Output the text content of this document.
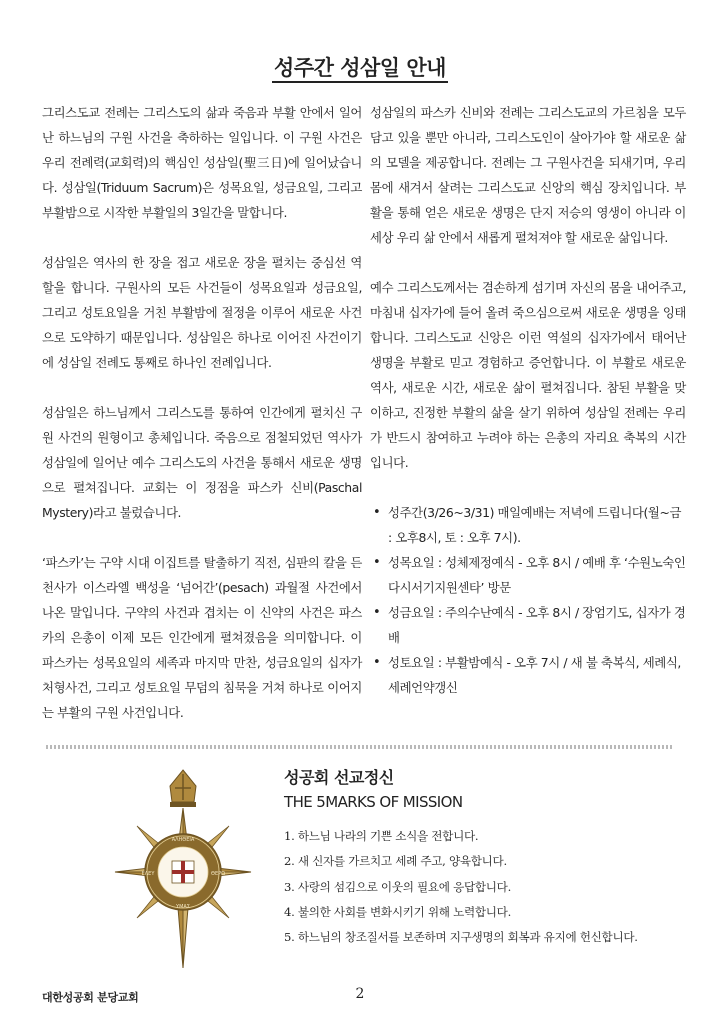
성주간 성삼일 안내

그리스도교 전례는 그리스도의 삶과 죽음과 부활 안에서 일어난 하느님의 구원 사건을 축하하는 일입니다. 이 구원 사건은 우리 전례력(교회력)의 핵심인 성삼일(聖三日)에 일어났습니다. 성삼일(Triduum Sacrum)은 성목요일, 성금요일, 그리고 부활밤으로 시작한 부활일의 3일간을 말합니다.

성삼일은 역사의 한 장을 접고 새로운 장을 펼치는 중심선 역할을 합니다. 구원사의 모든 사건들이 성목요일과 성금요일, 그리고 성토요일을 거친 부활밤에 절정을 이루어 새로운 사건으로 도약하기 때문입니다. 성삼일은 하나로 이어진 사건이기에 성삼일 전례도 통째로 하나인 전례입니다.

성삼일은 하느님께서 그리스도를 통하여 인간에게 펼치신 구원 사건의 원형이고 총체입니다. 죽음으로 점철되었던 역사가 성삼일에 일어난 예수 그리스도의 사건을 통해서 새로운 생명으로 펼쳐집니다. 교회는 이 정점을 파스카 신비(Paschal Mystery)라고 불렀습니다.

‘파스카’는 구약 시대 이집트를 탈출하기 직전, 심판의 칼을 든 천사가 이스라엘 백성을 ‘넘어간’(pesach) 과월절 사건에서 나온 말입니다. 구약의 사건과 겹치는 이 신약의 사건은 파스카의 은총이 이제 모든 인간에게 펼쳐졌음을 의미합니다. 이 파스카는 성목요일의 세족과 마지막 만찬, 성금요일의 십자가 처형사건, 그리고 성토요일 무덤의 침묵을 거쳐 하나로 이어지는 부활의 구원 사건입니다.

성삼일의 파스카 신비와 전례는 그리스도교의 가르침을 모두 담고 있을 뿐만 아니라, 그리스도인이 살아가야 할 새로운 삶의 모델을 제공합니다. 전례는 그 구원사건을 되새기며, 우리 몸에 새겨서 살려는 그리스도교 신앙의 핵심 장치입니다. 부활을 통해 얻은 새로운 생명은 단지 저승의 영생이 아니라 이 세상 우리 삶 안에서 새롭게 펼쳐져야 할 새로운 삶입니다.

예수 그리스도께서는 겸손하게 섬기며 자신의 몸을 내어주고, 마침내 십자가에 들어 올려 죽으심으로써 새로운 생명을 잉태합니다. 그리스도교 신앙은 이런 역설의 십자가에서 태어난 생명을 부활로 믿고 경험하고 증언합니다. 이 부활로 새로운 역사, 새로운 시간, 새로운 삶이 펼쳐집니다. 참된 부활을 맞이하고, 진정한 부활의 삶을 살기 위하여 성삼일 전례는 우리가 반드시 참여하고 누려야 하는 은총의 자리요 축복의 시간입니다.

• 성주간(3/26~3/31) 매일예배는 저녁에 드립니다(월~금 : 오후8시, 토 : 오후 7시).
• 성목요일 : 성체제정예식 - 오후 8시 / 예배 후 ‘수원노숙인다시서기지원센타’ 방문
• 성금요일 : 주의수난예식 - 오후 8시 / 장엄기도, 십자가 경배
• 성토요일 : 부활밤예식 - 오후 7시 / 새 불 축복식, 세례식, 세례언약갱신
ΑΛΗΘΕΙΑ
ΥΜΑΣ
ΕΛΕΥ	ΘΕΡΩ
성공회 선교정신
THE 5MARKS OF MISSION
1. 하느님 나라의 기쁜 소식을 전합니다.
2. 새 신자를 가르치고 세례 주고, 양육합니다.
3. 사랑의 섬김으로 이웃의 필요에 응답합니다.
4. 불의한 사회를 변화시키기 위해 노력합니다.
5. 하느님의 창조질서를 보존하며 지구생명의 회복과 유지에 헌신합니다.
대한성공회 분당교회	2
